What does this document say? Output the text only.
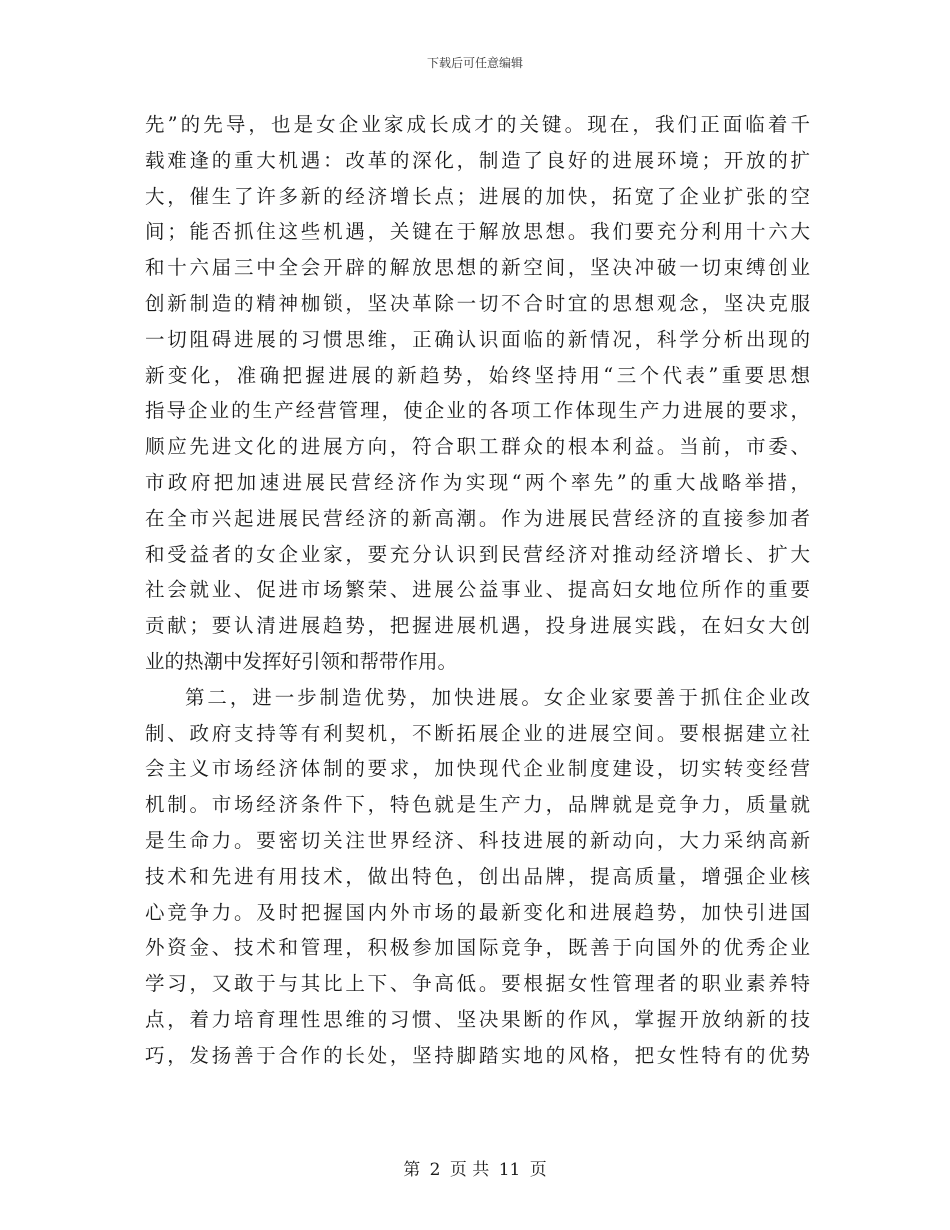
下载后可任意编辑
先”的先导，也是女企业家成长成才的关键。现在，我们正面临着千
载难逢的重大机遇：改革的深化，制造了良好的进展环境；开放的扩
大，催生了许多新的经济增长点；进展的加快，拓宽了企业扩张的空
间；能否抓住这些机遇，关键在于解放思想。我们要充分利用十六大
和十六届三中全会开辟的解放思想的新空间，坚决冲破一切束缚创业
创新制造的精神枷锁，坚决革除一切不合时宜的思想观念，坚决克服
一切阻碍进展的习惯思维，正确认识面临的新情况，科学分析出现的
新变化，准确把握进展的新趋势，始终坚持用“三个代表”重要思想
指导企业的生产经营管理，使企业的各项工作体现生产力进展的要求，
顺应先进文化的进展方向，符合职工群众的根本利益。当前，市委、
市政府把加速进展民营经济作为实现“两个率先”的重大战略举措，
在全市兴起进展民营经济的新高潮。作为进展民营经济的直接参加者
和受益者的女企业家，要充分认识到民营经济对推动经济增长、扩大
社会就业、促进市场繁荣、进展公益事业、提高妇女地位所作的重要
贡献；要认清进展趋势，把握进展机遇，投身进展实践，在妇女大创
业的热潮中发挥好引领和帮带作用。
第二，进一步制造优势，加快进展。女企业家要善于抓住企业改
制、政府支持等有利契机，不断拓展企业的进展空间。要根据建立社
会主义市场经济体制的要求，加快现代企业制度建设，切实转变经营
机制。市场经济条件下，特色就是生产力，品牌就是竞争力，质量就
是生命力。要密切关注世界经济、科技进展的新动向，大力采纳高新
技术和先进有用技术，做出特色，创出品牌，提高质量，增强企业核
心竞争力。及时把握国内外市场的最新变化和进展趋势，加快引进国
外资金、技术和管理，积极参加国际竞争，既善于向国外的优秀企业
学习，又敢于与其比上下、争高低。要根据女性管理者的职业素养特
点，着力培育理性思维的习惯、坚决果断的作风，掌握开放纳新的技
巧，发扬善于合作的长处，坚持脚踏实地的风格，把女性特有的优势
第 2 页 共 11 页
